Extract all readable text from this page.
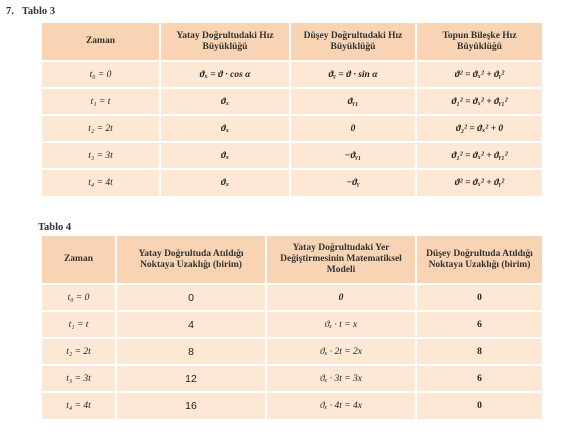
7. Tablo 3
Zaman	Yatay Doğrultudaki Hız Büyüklüğü	Düşey Doğrultudaki Hız Büyüklüğü	Topun Bileşke Hız Büyüklüğü
t₀ = 0	ϑₓ = ϑ · cos α	ϑᵧ = ϑ · sin α	ϑ² = ϑₓ² + ϑᵧ²
t₁ = t	ϑₓ	ϑᵧ₁	ϑ₁² = ϑₓ² + ϑᵧ₁²
t₂ = 2t	ϑₓ	0	ϑ₂² = ϑₓ² + 0
t₃ = 3t	ϑₓ	−ϑᵧ₁	ϑ₁² = ϑₓ² + ϑᵧ₁²
t₄ = 4t	ϑₓ	−ϑᵧ	ϑ² = ϑₓ² + ϑᵧ²
Tablo 4
Zaman	Yatay Doğrultuda Atıldığı Noktaya Uzaklığı (birim)	Yatay Doğrultudaki Yer Değiştirmesinin Matematiksel Modeli	Düşey Doğrultuda Atıldığı Noktaya Uzaklığı (birim)
t₀ = 0	0	0	0
t₁ = t	4	ϑₓ · t = x	6
t₂ = 2t	8	ϑₓ · 2t = 2x	8
t₃ = 3t	12	ϑₓ · 3t = 3x	6
t₄ = 4t	16	ϑₓ · 4t = 4x	0
